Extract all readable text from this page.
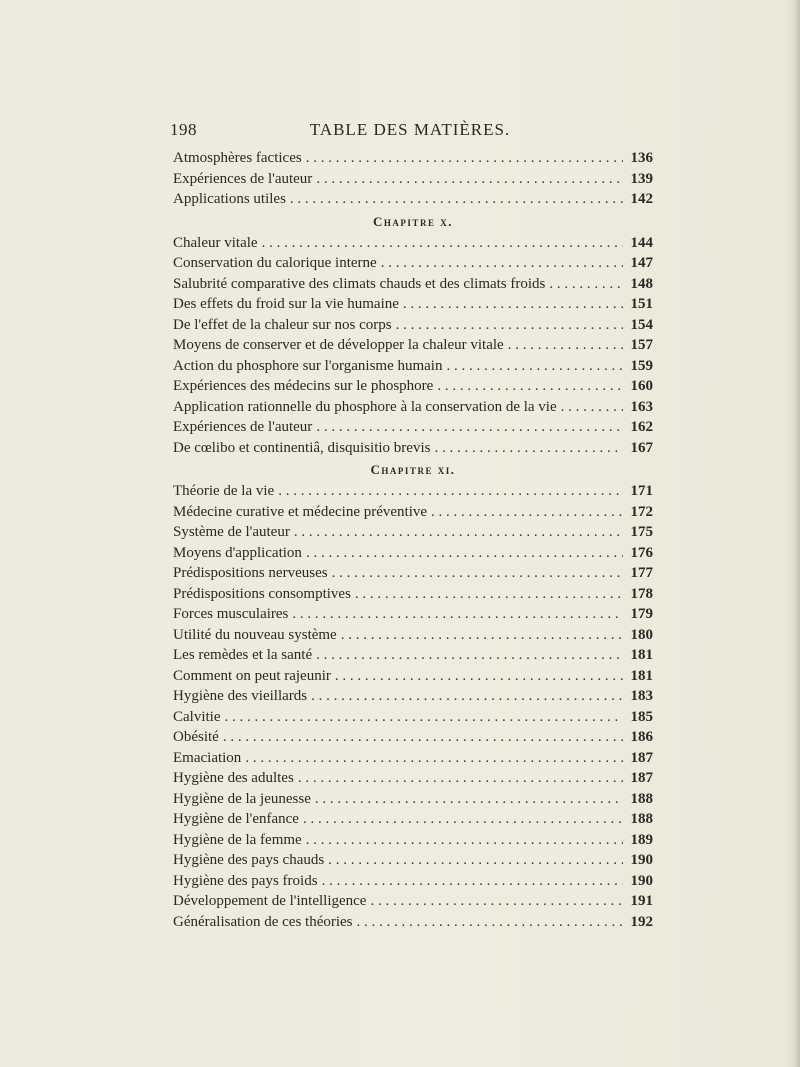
198	TABLE DES MATIÈRES.
Atmosphères factices . . .	136
Expériences de l'auteur . . .	139
Applications utiles . . .	142
Chapitre x.
Chaleur vitale . . .	144
Conservation du calorique interne . . .	147
Salubrité comparative des climats chauds et des climats froids . . .	148
Des effets du froid sur la vie humaine . . .	151
De l'effet de la chaleur sur nos corps . . .	154
Moyens de conserver et de développer la chaleur vitale . . .	157
Action du phosphore sur l'organisme humain . . .	159
Expériences des médecins sur le phosphore . . .	160
Application rationnelle du phosphore à la conservation de la vie . . .	163
Expériences de l'auteur . . .	162
De cœlibo et continentiâ, disquisitio brevis . . .	167
Chapitre xi.
Théorie de la vie . . .	171
Médecine curative et médecine préventive . . .	172
Système de l'auteur . . .	175
Moyens d'application . . .	176
Prédispositions nerveuses . . .	177
Prédispositions consomptives . . .	178
Forces musculaires . . .	179
Utilité du nouveau système . . .	180
Les remèdes et la santé . . .	181
Comment on peut rajeunir . . .	181
Hygiène des vieillards . . .	183
Calvitie . . .	185
Obésité . . .	186
Emaciation . . .	187
Hygiène des adultes . . .	187
Hygiène de la jeunesse . . .	188
Hygiène de l'enfance . . .	188
Hygiène de la femme . . .	189
Hygiène des pays chauds . . .	190
Hygiène des pays froids . . .	190
Développement de l'intelligence . . .	191
Généralisation de ces théories . . .	192
